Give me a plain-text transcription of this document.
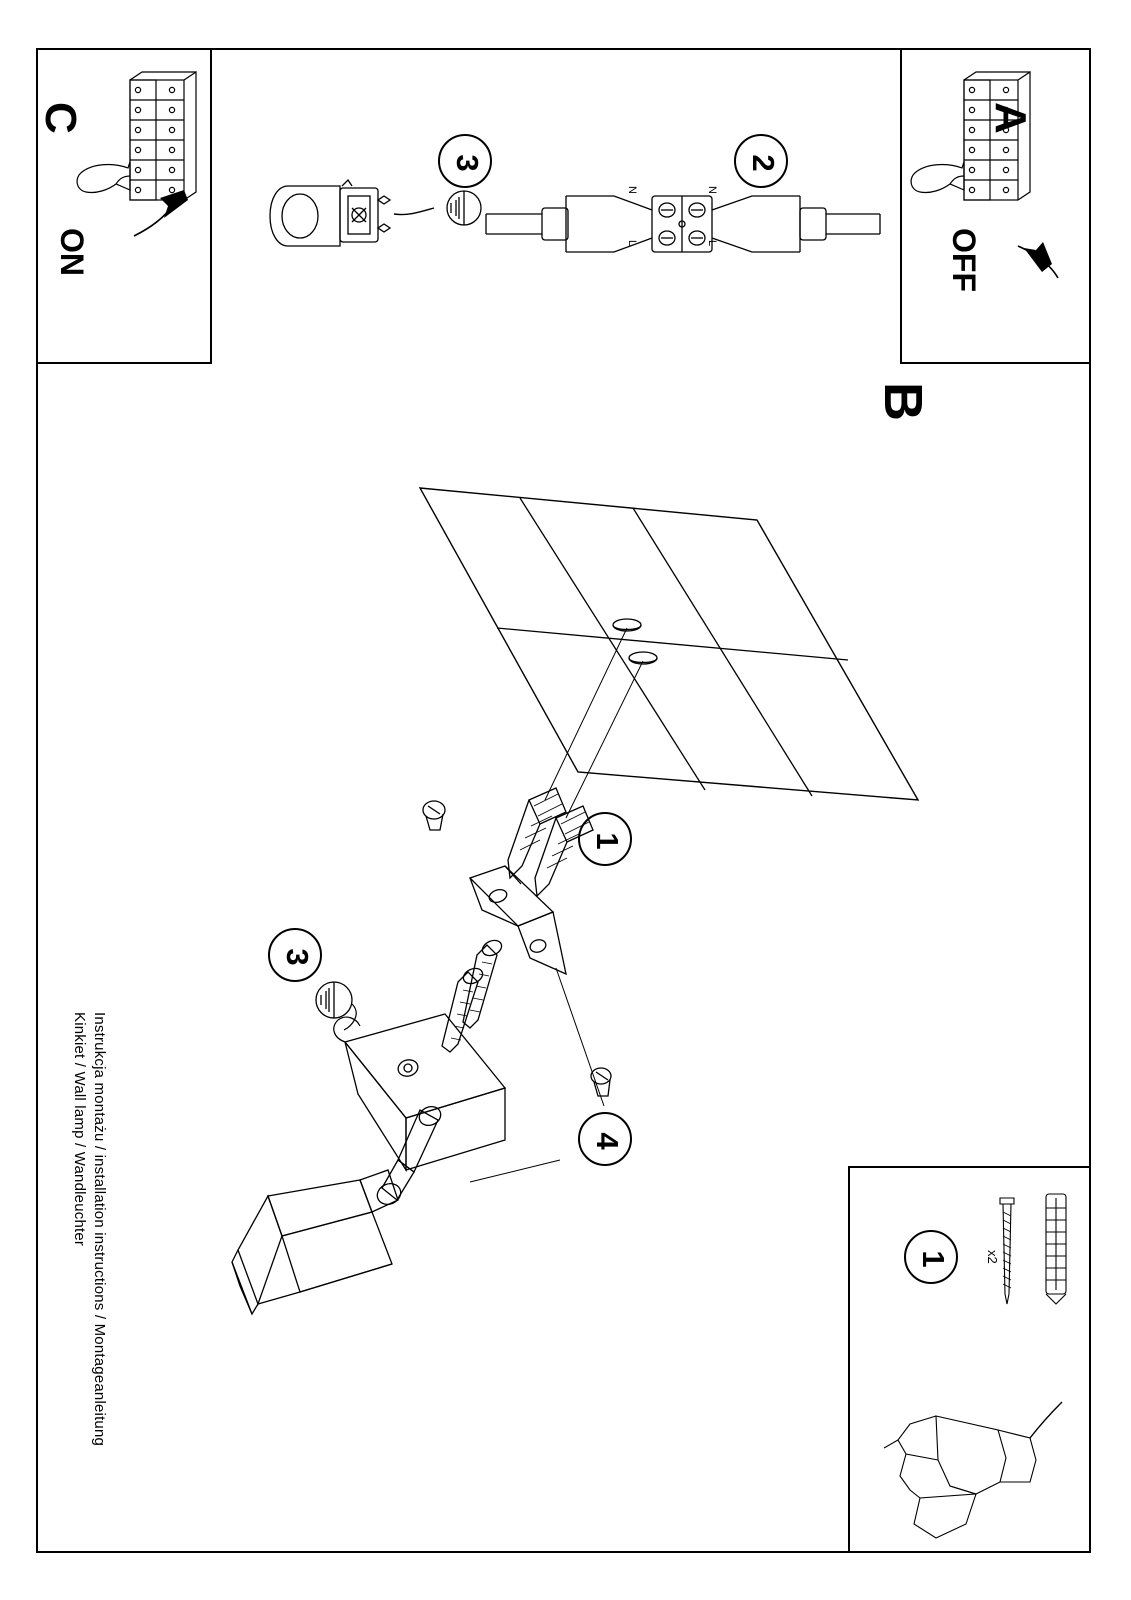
A
OFF
C
ON
1	x2
Instrukcja montażu / installation instructions / Montageanleitung
Kinkiet / Wall lamp / Wandleuchter
B
1
3
4
2
3
N	N
L	L
